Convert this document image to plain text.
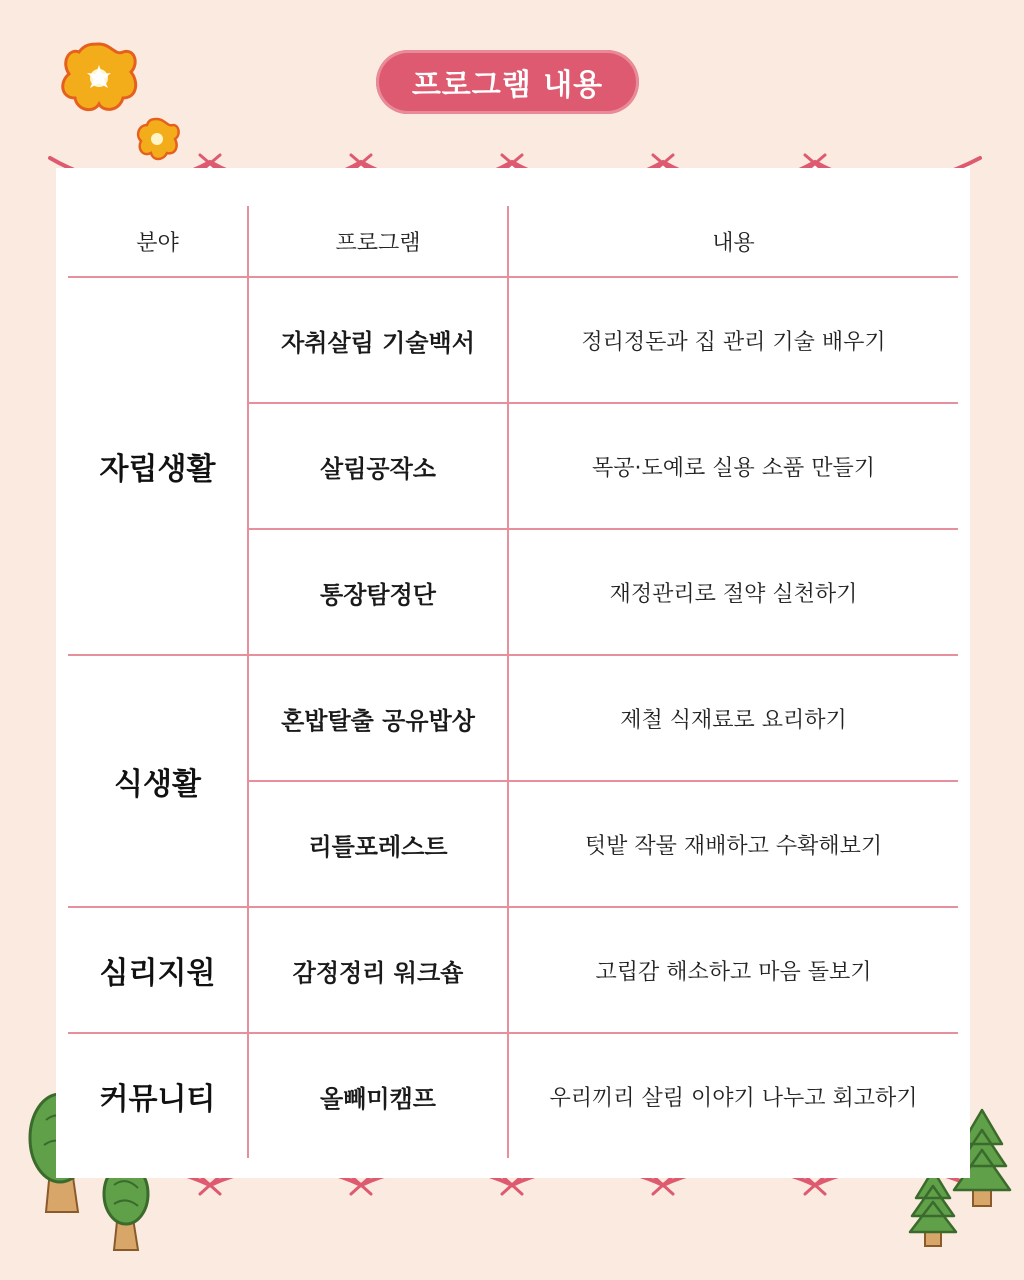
프로그램 내용
분야	프로그램	내용
자립생활	자취살림 기술백서	정리정돈과 집 관리 기술 배우기
	살림공작소	목공·도예로 실용 소품 만들기
	통장탐정단	재정관리로 절약 실천하기
식생활	혼밥탈출 공유밥상	제철 식재료로 요리하기
	리틀포레스트	텃밭 작물 재배하고 수확해보기
심리지원	감정정리 워크숍	고립감 해소하고 마음 돌보기
커뮤니티	올빼미캠프	우리끼리 살림 이야기 나누고 회고하기
